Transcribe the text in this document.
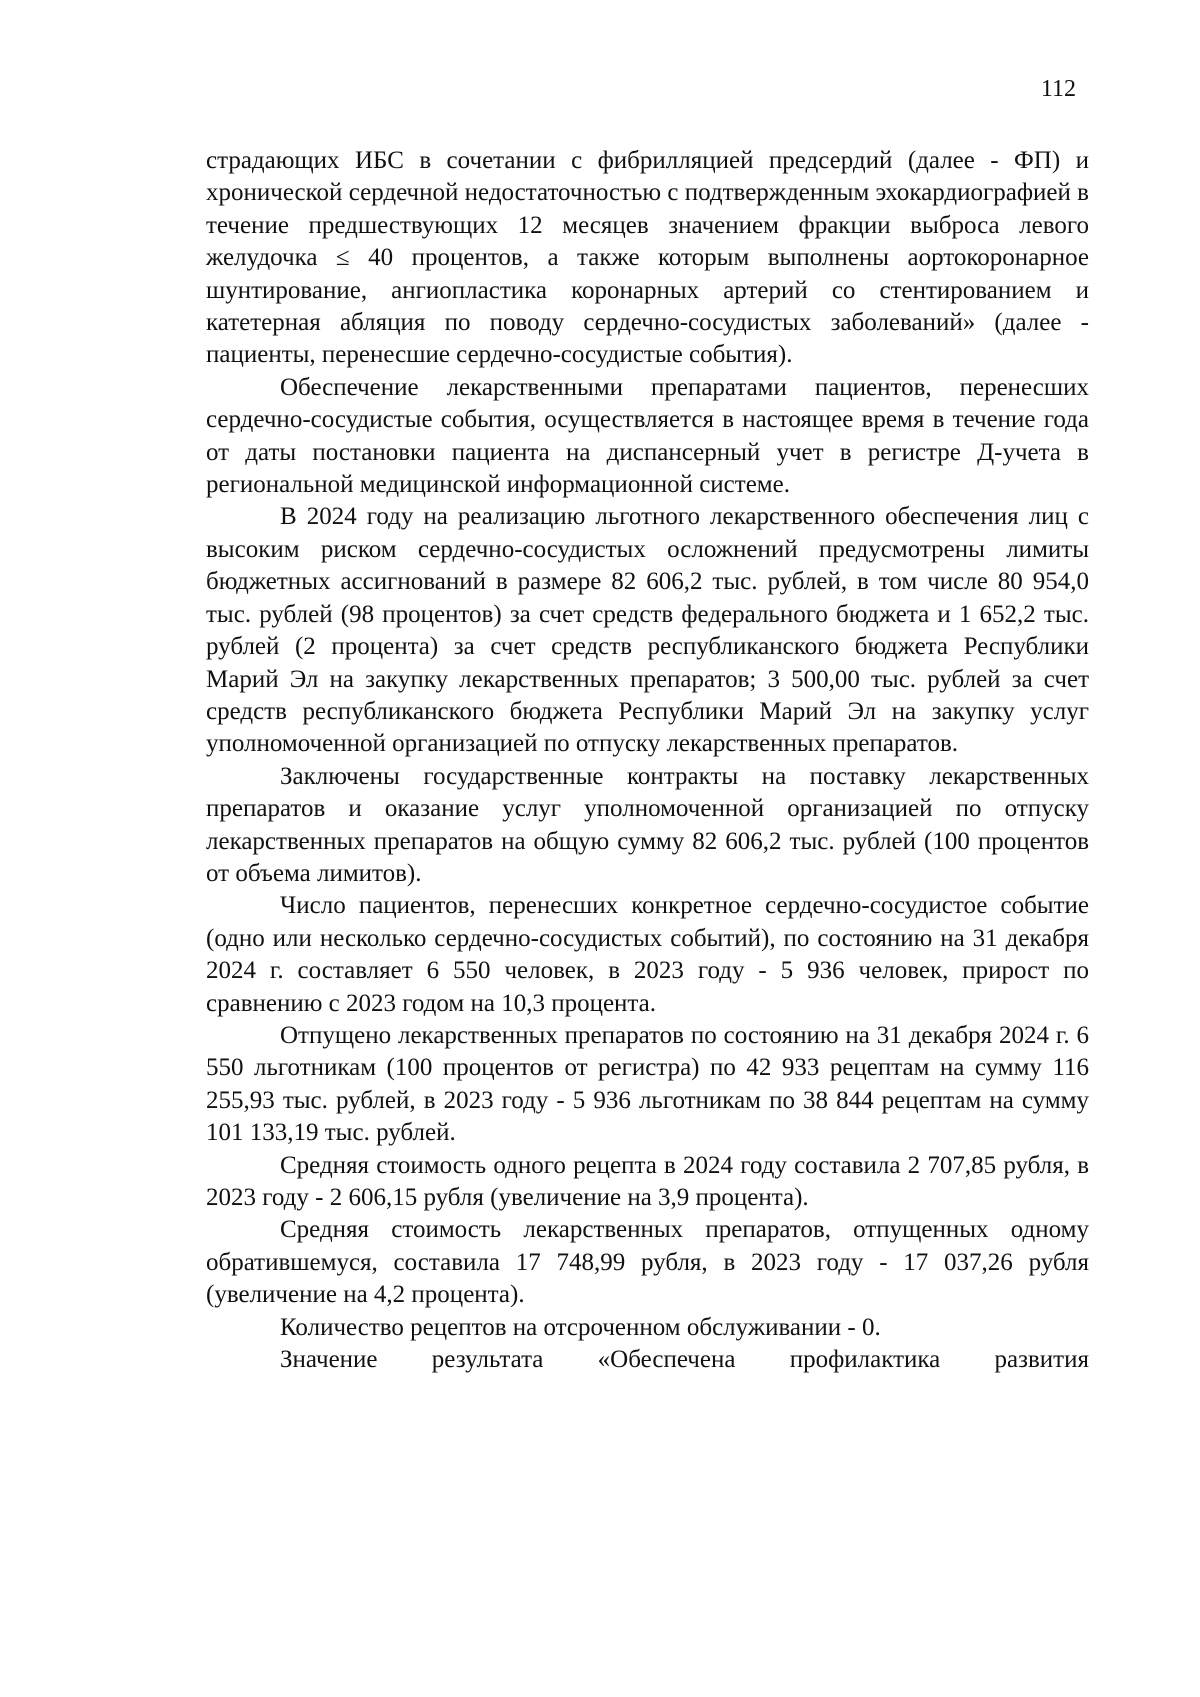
112

страдающих ИБС в сочетании с фибрилляцией предсердий (далее - ФП) и хронической сердечной недостаточностью с подтвержденным эхокардиографией в течение предшествующих 12 месяцев значением фракции выброса левого желудочка ≤ 40 процентов, а также которым выполнены аортокоронарное шунтирование, ангиопластика коронарных артерий со стентированием и катетерная абляция по поводу сердечно-сосудистых заболеваний» (далее - пациенты, перенесшие сердечно-сосудистые события).

Обеспечение лекарственными препаратами пациентов, перенесших сердечно-сосудистые события, осуществляется в настоящее время в течение года от даты постановки пациента на диспансерный учет в регистре Д-учета в региональной медицинской информационной системе.

В 2024 году на реализацию льготного лекарственного обеспечения лиц с высоким риском сердечно-сосудистых осложнений предусмотрены лимиты бюджетных ассигнований в размере 82 606,2 тыс. рублей, в том числе 80 954,0 тыс. рублей (98 процентов) за счет средств федерального бюджета и 1 652,2 тыс. рублей (2 процента) за счет средств республиканского бюджета Республики Марий Эл на закупку лекарственных препаратов; 3 500,00 тыс. рублей за счет средств республиканского бюджета Республики Марий Эл на закупку услуг уполномоченной организацией по отпуску лекарственных препаратов.

Заключены государственные контракты на поставку лекарственных препаратов и оказание услуг уполномоченной организацией по отпуску лекарственных препаратов на общую сумму 82 606,2 тыс. рублей (100 процентов от объема лимитов).

Число пациентов, перенесших конкретное сердечно-сосудистое событие (одно или несколько сердечно-сосудистых событий), по состоянию на 31 декабря 2024 г. составляет 6 550 человек, в 2023 году - 5 936 человек, прирост по сравнению с 2023 годом на 10,3 процента.

Отпущено лекарственных препаратов по состоянию на 31 декабря 2024 г. 6 550 льготникам (100 процентов от регистра) по 42 933 рецептам на сумму 116 255,93 тыс. рублей, в 2023 году - 5 936 льготникам по 38 844 рецептам на сумму 101 133,19 тыс. рублей.

Средняя стоимость одного рецепта в 2024 году составила 2 707,85 рубля, в 2023 году - 2 606,15 рубля (увеличение на 3,9 процента).

Средняя стоимость лекарственных препаратов, отпущенных одному обратившемуся, составила 17 748,99 рубля, в 2023 году - 17 037,26 рубля (увеличение на 4,2 процента).

Количество рецептов на отсроченном обслуживании - 0.

Значение результата «Обеспечена профилактика развития
